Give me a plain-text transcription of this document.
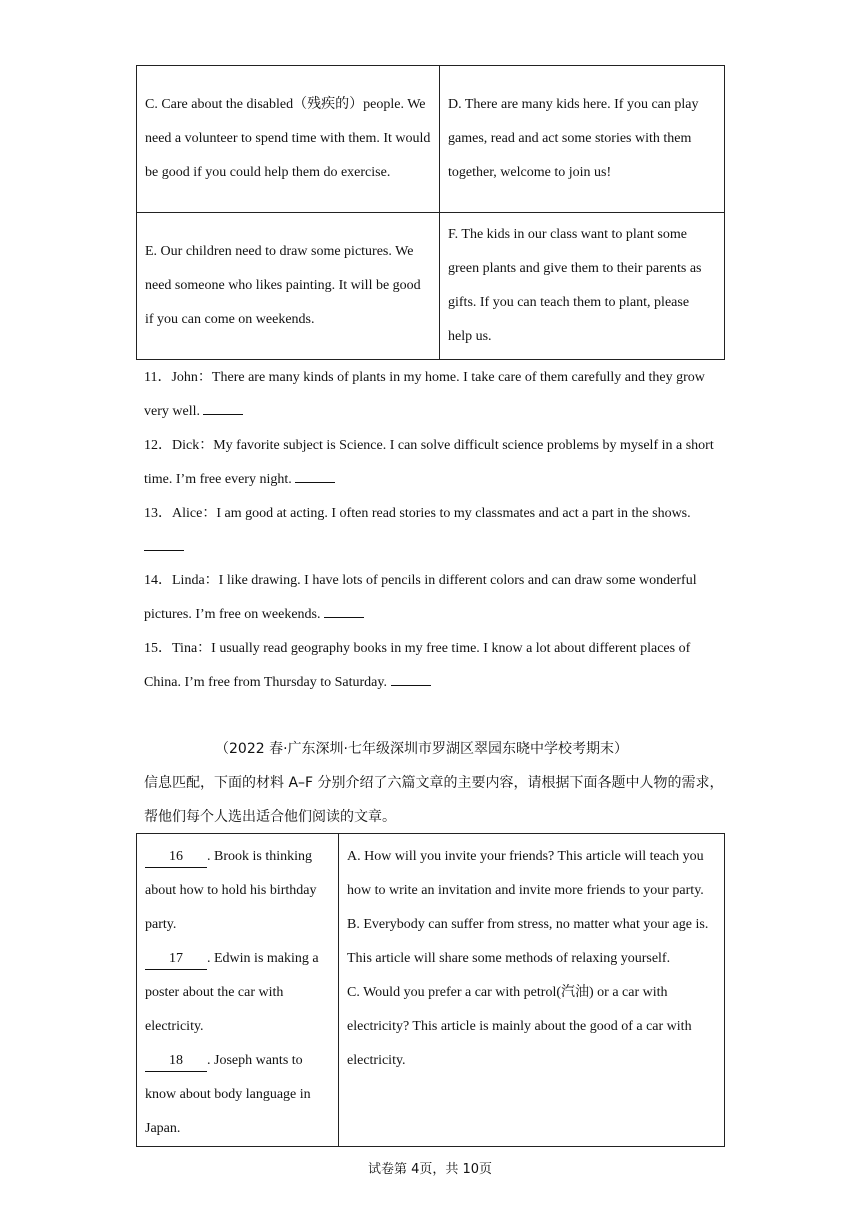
C. Care about the disabled（残疾的）people. We need a volunteer to spend time with them. It would be good if you could help them do exercise.	D. There are many kids here. If you can play games, read and act some stories with them together, welcome to join us!
E. Our children need to draw some pictures. We need someone who likes painting. It will be good if you can come on weekends.	F. The kids in our class want to plant some green plants and give them to their parents as gifts. If you can teach them to plant, please help us.
11．John：There are many kinds of plants in my home. I take care of them carefully and they grow very well.
12．Dick：My favorite subject is Science. I can solve difficult science problems by myself in a short time. I’m free every night.
13．Alice：I am good at acting. I often read stories to my classmates and act a part in the shows.
14．Linda：I like drawing. I have lots of pencils in different colors and can draw some wonderful pictures. I’m free on weekends.
15．Tina：I usually read geography books in my free time. I know a lot about different places of China. I’m free from Thursday to Saturday.
（2022 春·广东深圳·七年级深圳市罗湖区翠园东晓中学校考期末）
信息匹配，下面的材料 A–F 分别介绍了六篇文章的主要内容，请根据下面各题中人物的需求，帮他们每个人选出适合他们阅读的文章。
16 . Brook is thinking about how to hold his birthday party.
17 . Edwin is making a poster about the car with electricity.
18 . Joseph wants to know about body language in Japan.

A. How will you invite your friends? This article will teach you how to write an invitation and invite more friends to your party.
B. Everybody can suffer from stress, no matter what your age is. This article will share some methods of relaxing yourself.
C. Would you prefer a car with petrol(汽油) or a car with electricity? This article is mainly about the good of a car with electricity.
试卷第 4页，共 10页
